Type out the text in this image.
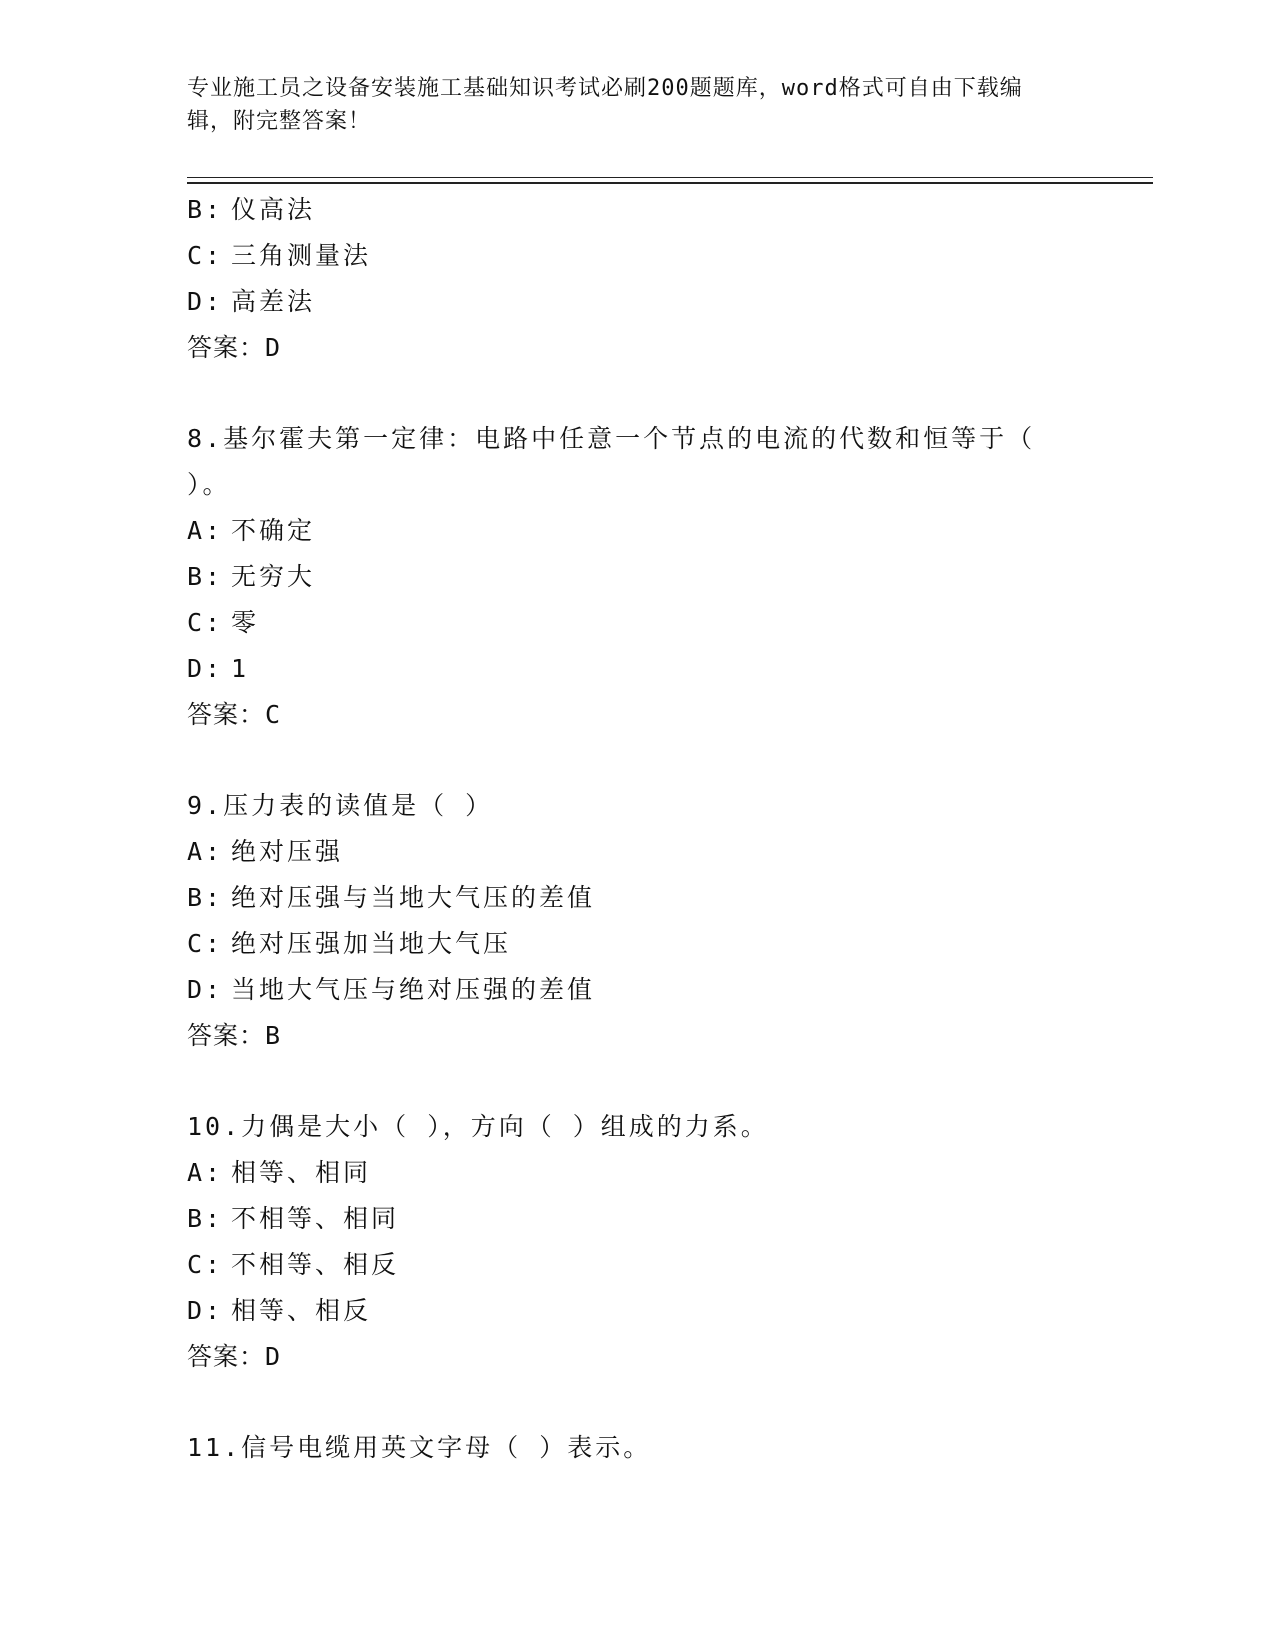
专业施工员之设备安装施工基础知识考试必刷200题题库，word格式可自由下载编辑，附完整答案！
B: 仪高法
C: 三角测量法
D: 高差法
答案：D
8.基尔霍夫第一定律：电路中任意一个节点的电流的代数和恒等于（ ）。
A: 不确定
B: 无穷大
C: 零
D: 1
答案：C
9.压力表的读值是（ ）
A: 绝对压强
B: 绝对压强与当地大气压的差值
C: 绝对压强加当地大气压
D: 当地大气压与绝对压强的差值
答案：B
10.力偶是大小（ ），方向（ ）组成的力系。
A: 相等、相同
B: 不相等、相同
C: 不相等、相反
D: 相等、相反
答案：D
11.信号电缆用英文字母（ ）表示。
